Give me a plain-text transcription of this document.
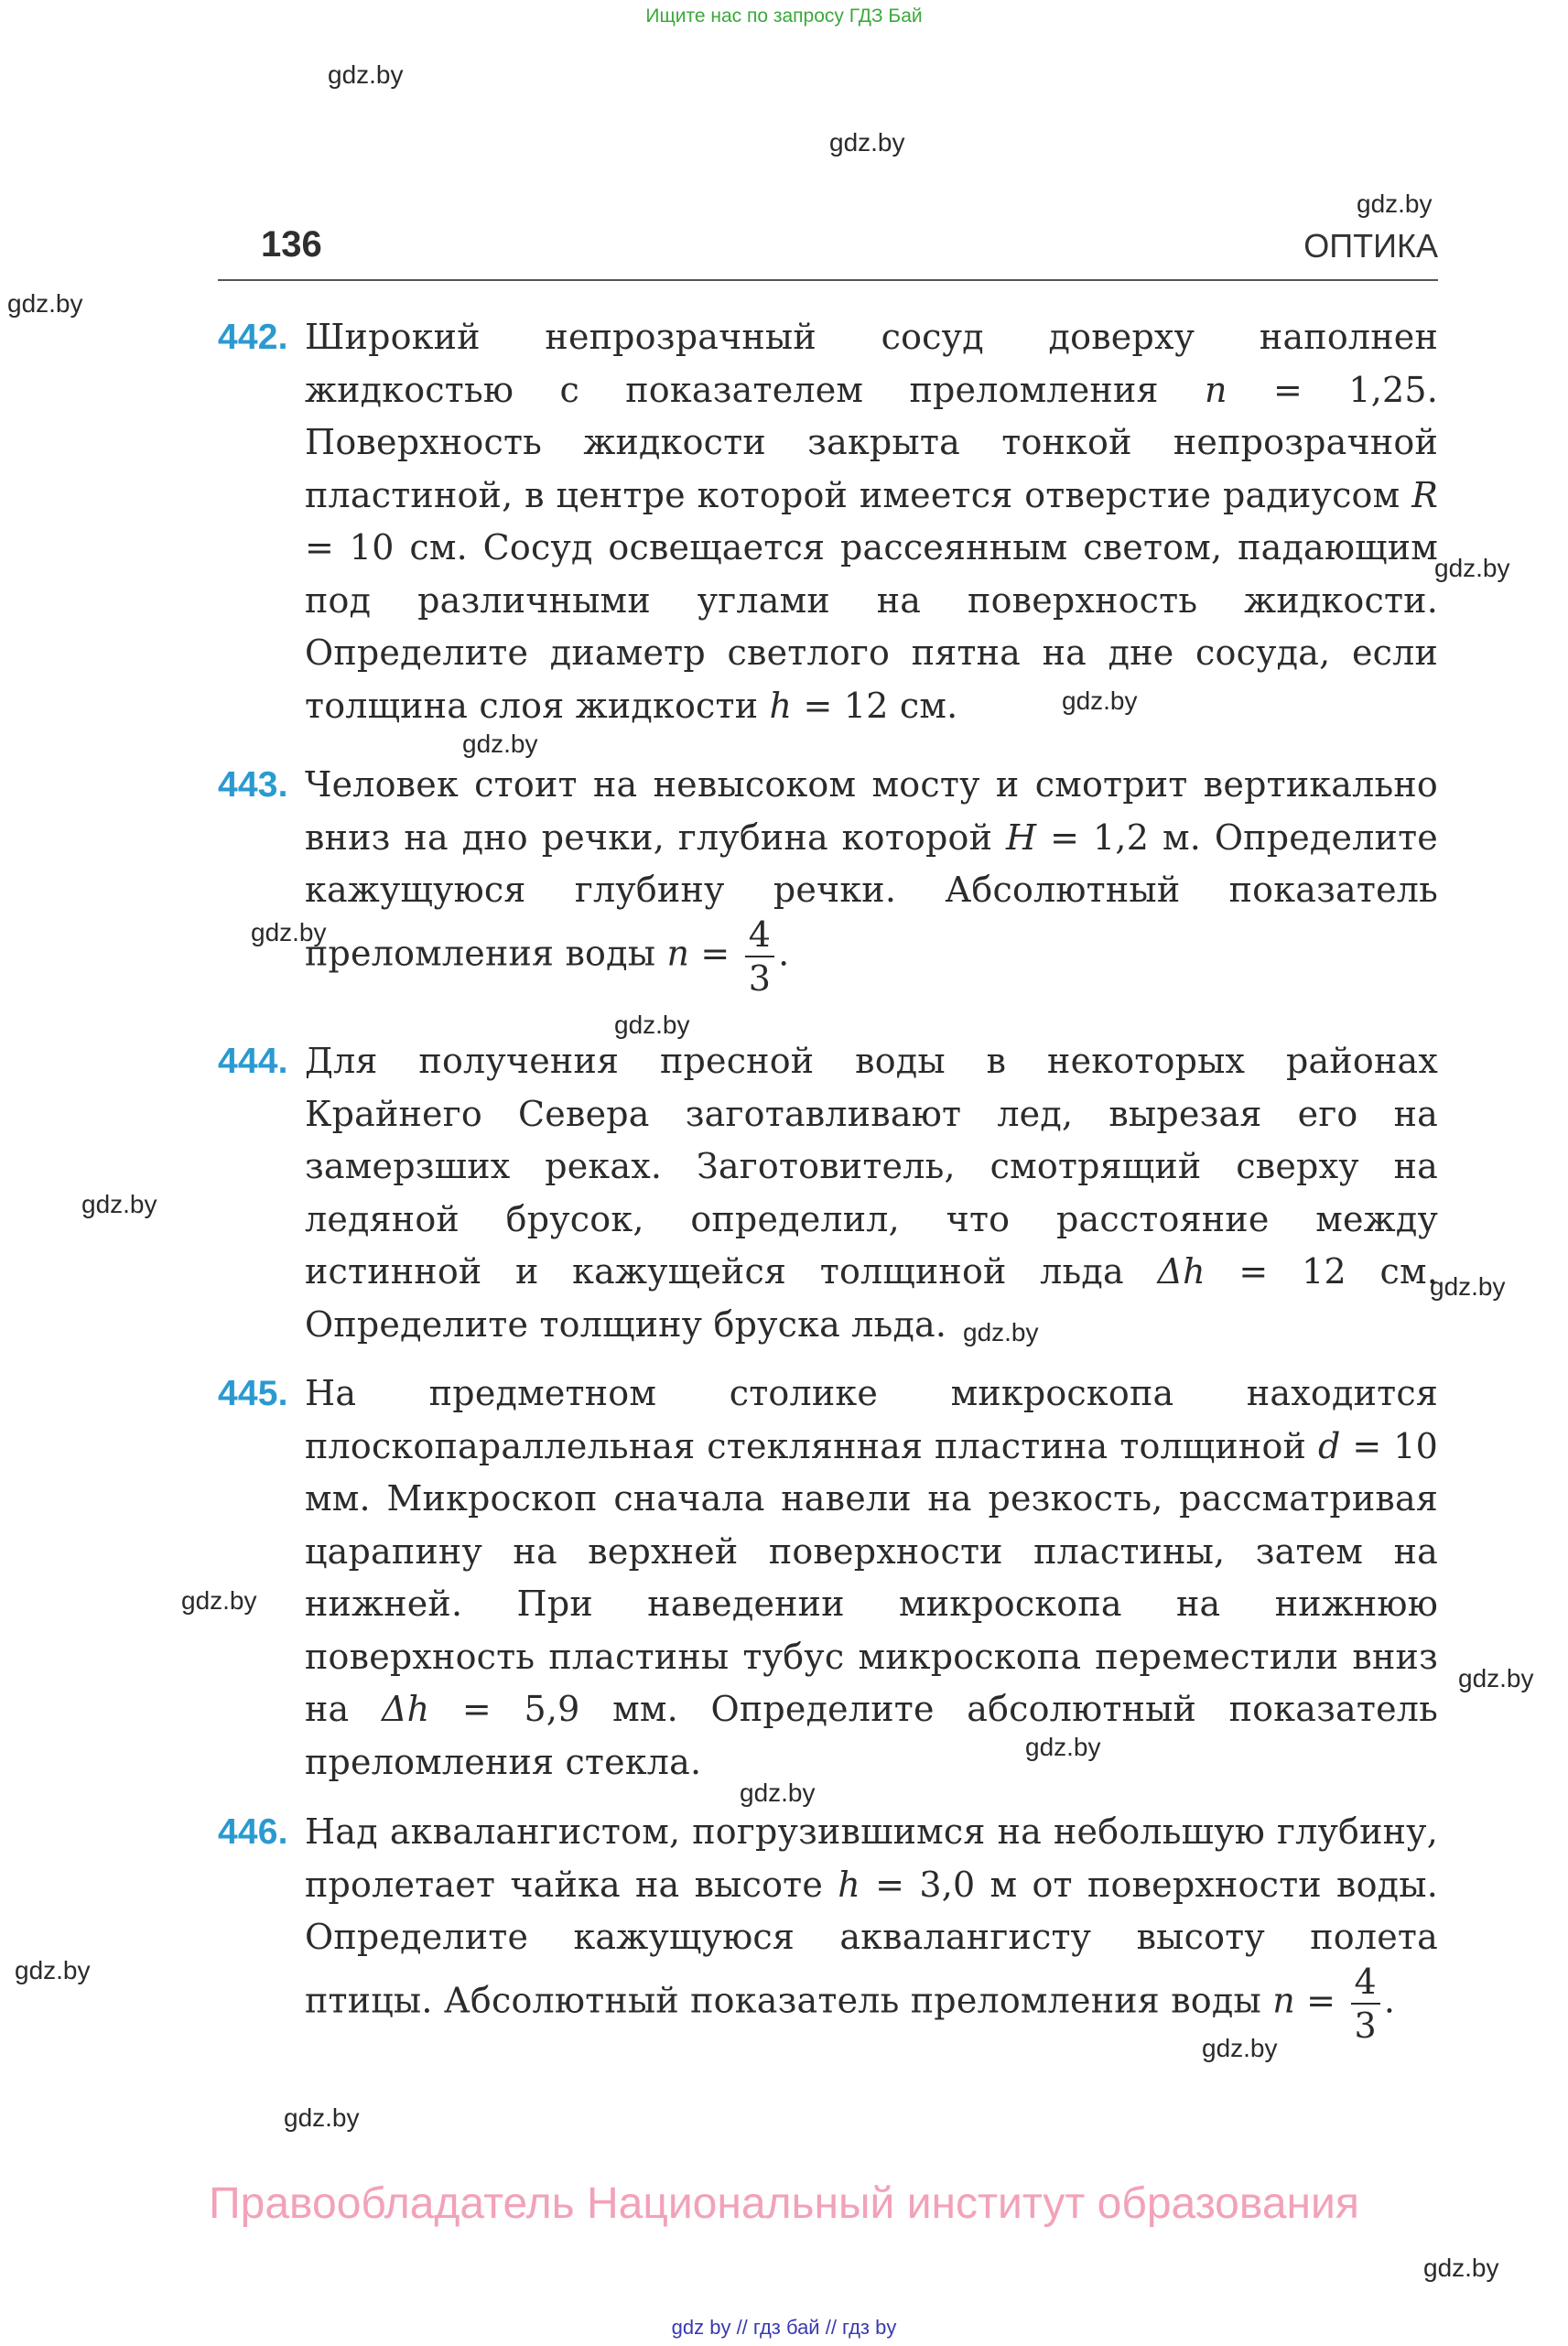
Ищите нас по запросу ГДЗ Бай
136	ОПТИКА
442. Широкий непрозрачный сосуд доверху наполнен жидкостью с показателем преломления n = 1,25. Поверхность жидкости закрыта тонкой непрозрачной пластиной, в центре которой имеется отверстие радиусом R = 10 см. Сосуд освещается рассеянным светом, падающим под различными углами на поверхность жидкости. Определите диаметр светлого пятна на дне сосуда, если толщина слоя жидкости h = 12 см.
443. Человек стоит на невысоком мосту и смотрит вертикально вниз на дно речки, глубина которой H = 1,2 м. Определите кажущуюся глубину речки. Абсолютный показатель преломления воды $n = \frac{4}{3}$ .
444. Для получения пресной воды в некоторых районах Крайнего Севера заготавливают лед, вырезая его на замерзших реках. Заготовитель, смотрящий сверху на ледяной брусок, определил, что расстояние между истинной и кажущейся толщиной льда Δh = 12 см. Определите толщину бруска льда.
445. На предметном столике микроскопа находится плоскопараллельная стеклянная пластина толщиной d = 10 мм. Микроскоп сначала навели на резкость, рассматривая царапину на верхней поверхности пластины, затем на нижней. При наведении микроскопа на нижнюю поверхность пластины тубус микроскопа переместили вниз на Δh = 5,9 мм. Определите абсолютный показатель преломления стекла.
446. Над аквалангистом, погрузившимся на небольшую глубину, пролетает чайка на высоте h = 3,0 м от поверхности воды. Определите кажущуюся аквалангисту высоту полета птицы. Абсолютный показатель преломления воды $n = \frac{4}{3}$ .
gdz.by
gdz.by
gdz.by
gdz.by
gdz.by
gdz.by
gdz.by
gdz.by
gdz.by
gdz.by
gdz.by
gdz.by
gdz.by
gdz.by
gdz.by
gdz.by
gdz.by
gdz.by
gdz.by
gdz.by
Правообладатель Национальный институт образования
gdz by // гдз бай // гдз by
